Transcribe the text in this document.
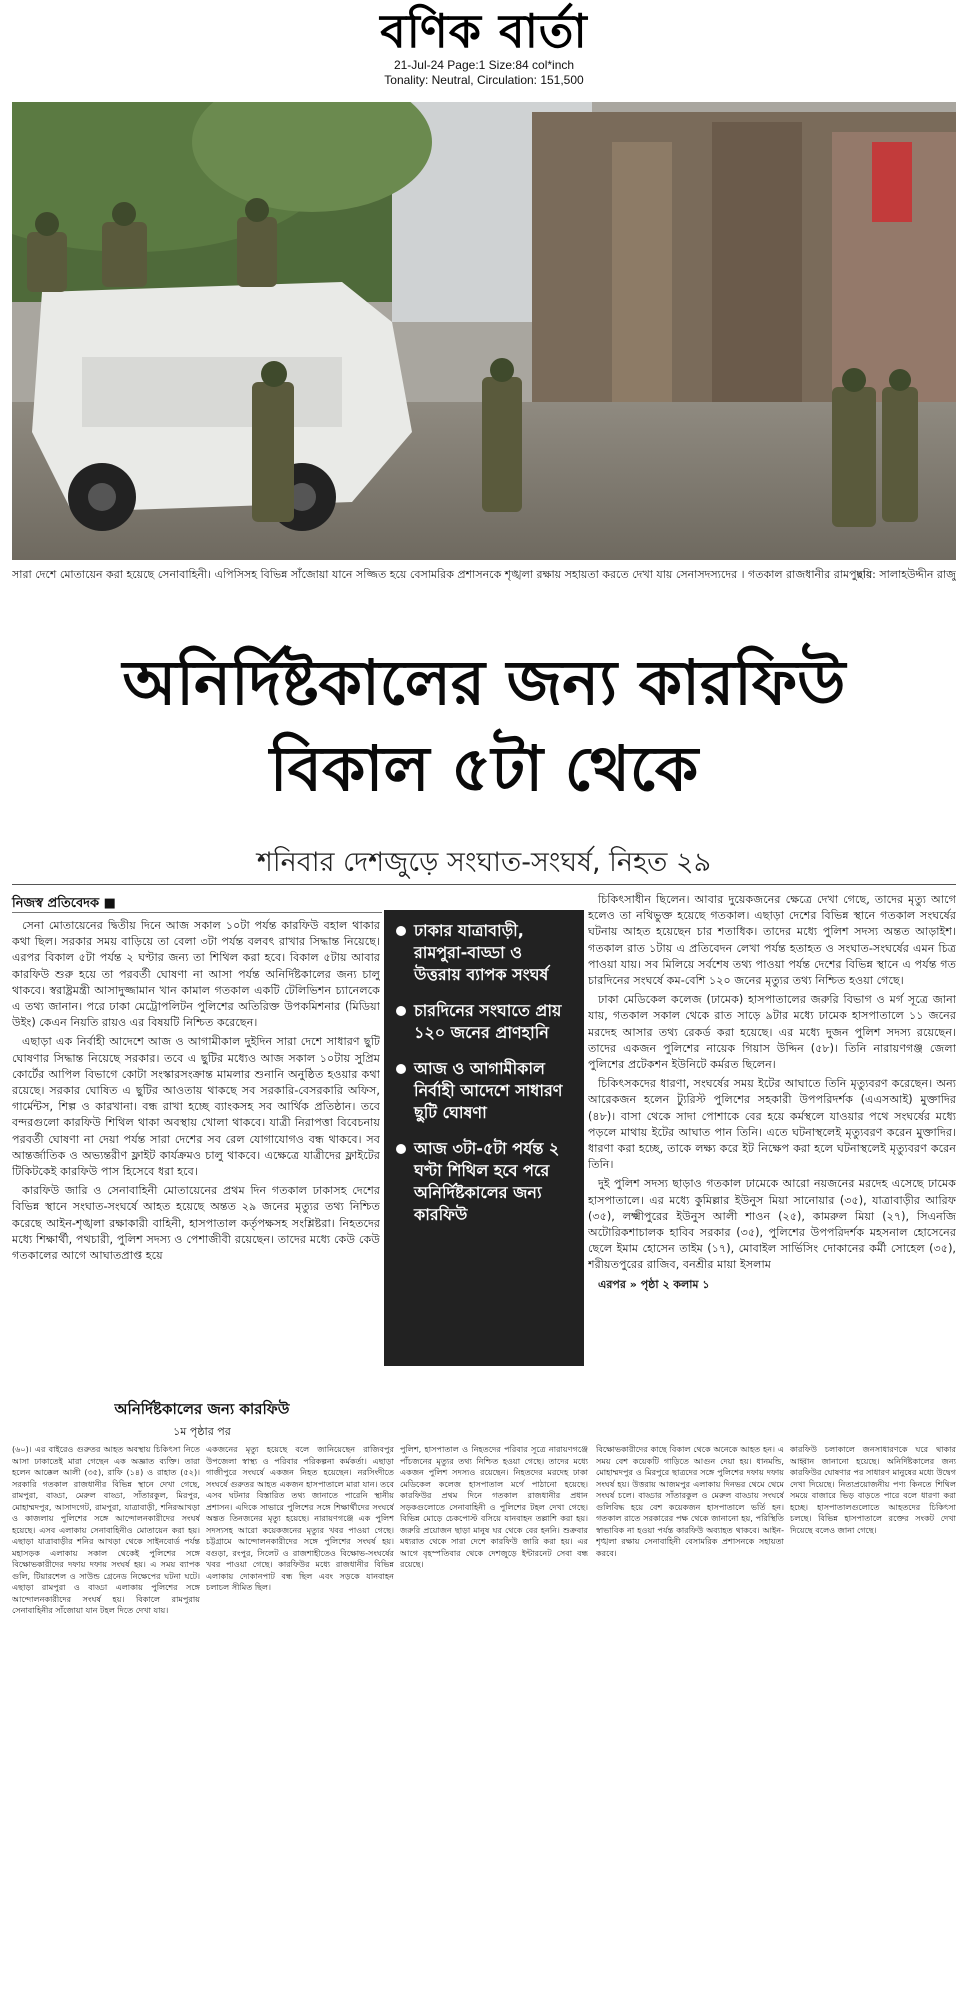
বণিক বার্তা
21-Jul-24 Page:1 Size:84 col*inch
Tonality: Neutral, Circulation: 151,500
ছবি: সালাহউদ্দীন রাজু
সারা দেশে মোতায়েন করা হয়েছে সেনাবাহিনী। এপিসিসহ বিভিন্ন সাঁজোয়া যানে সজ্জিত হয়ে বেসামরিক প্রশাসনকে শৃঙ্খলা রক্ষায় সহায়তা করতে দেখা যায় সেনাসদস্যদের । গতকাল রাজধানীর রামপুরায়
অনির্দিষ্টকালের জন্য কারফিউ
বিকাল ৫টা থেকে
শনিবার দেশজুড়ে সংঘাত-সংঘর্ষ, নিহত ২৯
নিজস্ব প্রতিবেদক ■

সেনা মোতায়েনের দ্বিতীয় দিনে আজ সকাল ১০টা পর্যন্ত কারফিউ বহাল থাকার কথা ছিল। সরকার সময় বাড়িয়ে তা বেলা ৩টা পর্যন্ত বলবৎ রাখার সিদ্ধান্ত নিয়েছে। এরপর বিকাল ৫টা পর্যন্ত ২ ঘণ্টার জন্য তা শিথিল করা হবে। বিকাল ৫টায় আবার কারফিউ শুরু হয়ে তা পরবর্তী ঘোষণা না আসা পর্যন্ত অনির্দিষ্টকালের জন্য চালু থাকবে। স্বরাষ্ট্রমন্ত্রী আসাদুজ্জামান খান কামাল গতকাল একটি টেলিভিশন চ্যানেলকে এ তথ্য জানান। পরে ঢাকা মেট্রোপলিটন পুলিশের অতিরিক্ত উপকমিশনার (মিডিয়া উইং) কেএন নিয়তি রায়ও এর বিষয়টি নিশ্চিত করেছেন।

এছাড়া এক নির্বাহী আদেশে আজ ও আগামীকাল দুইদিন সারা দেশে সাধারণ ছুটি ঘোষণার সিদ্ধান্ত নিয়েছে সরকার। তবে এ ছুটির মধ্যেও আজ সকাল ১০টায় সুপ্রিম কোর্টের আপিল বিভাগে কোটা সংস্কারসংক্রান্ত মামলার শুনানি অনুষ্ঠিত হওয়ার কথা রয়েছে। সরকার ঘোষিত এ ছুটির আওতায় থাকছে সব সরকারি-বেসরকারি অফিস, গার্মেন্টস, শিল্প ও কারখানা। বন্ধ রাখা হচ্ছে ব্যাংকসহ সব আর্থিক প্রতিষ্ঠান। তবে বন্দরগুলো কারফিউ শিথিল থাকা অবস্থায় খোলা থাকবে। যাত্রী নিরাপত্তা বিবেচনায় পরবর্তী ঘোষণা না দেয়া পর্যন্ত সারা দেশের সব রেল যোগাযোগও বন্ধ থাকবে। সব আন্তর্জাতিক ও অভ্যন্তরীণ ফ্লাইট কার্যক্রমও চালু থাকবে। এক্ষেত্রে যাত্রীদের ফ্লাইটের টিকিটকেই কারফিউ পাস হিসেবে ধরা হবে।

কারফিউ জারি ও সেনাবাহিনী মোতায়েনের প্রথম দিন গতকাল ঢাকাসহ দেশের বিভিন্ন স্থানে সংঘাত-সংঘর্ষে আহত হয়েছে অন্তত ২৯ জনের মৃত্যুর তথ্য নিশ্চিত করেছে আইন-শৃঙ্খলা রক্ষাকারী বাহিনী, হাসপাতাল কর্তৃপক্ষসহ সংশ্লিষ্টরা। নিহতদের মধ্যে শিক্ষার্থী, পথচারী, পুলিশ সদস্য ও পেশাজীবী রয়েছেন। তাদের মধ্যে কেউ কেউ গতকালের আগে আঘাতপ্রাপ্ত হয়ে

ঢাকার যাত্রাবাড়ী, রামপুরা-বাড্ডা ও উত্তরায় ব্যাপক সংঘর্ষ
চারদিনের সংঘাতে প্রায় ১২০ জনের প্রাণহানি
আজ ও আগামীকাল নির্বাহী আদেশে সাধারণ ছুটি ঘোষণা
আজ ৩টা-৫টা পর্যন্ত ২ ঘণ্টা শিথিল হবে পরে অনির্দিষ্টকালের জন্য কারফিউ

চিকিৎসাধীন ছিলেন। আবার দুয়েকজনের ক্ষেত্রে দেখা গেছে, তাদের মৃত্যু আগে হলেও তা নথিভুক্ত হয়েছে গতকাল। এছাড়া দেশের বিভিন্ন স্থানে গতকাল সংঘর্ষের ঘটনায় আহত হয়েছেন চার শতাধিক। তাদের মধ্যে পুলিশ সদস্য অন্তত আড়াইশ। গতকাল রাত ১টায় এ প্রতিবেদন লেখা পর্যন্ত হতাহত ও সংঘাত-সংঘর্ষের এমন চিত্র পাওয়া যায়। সব মিলিয়ে সর্বশেষ তথ্য পাওয়া পর্যন্ত দেশের বিভিন্ন স্থানে এ পর্যন্ত গত চারদিনের সংঘর্ষে কম-বেশি ১২০ জনের মৃত্যুর তথ্য নিশ্চিত হওয়া গেছে।

ঢাকা মেডিকেল কলেজ (ঢামেক) হাসপাতালের জরুরি বিভাগ ও মর্গ সূত্রে জানা যায়, গতকাল সকাল থেকে রাত সাড়ে ৯টার মধ্যে ঢামেক হাসপাতালে ১১ জনের মরদেহ আসার তথ্য রেকর্ড করা হয়েছে। এর মধ্যে দুজন পুলিশ সদস্য রয়েছেন। তাদের একজন পুলিশের নায়েক গিয়াস উদ্দিন (৫৮)। তিনি নারায়ণগঞ্জ জেলা পুলিশের প্রটেকশন ইউনিটে কর্মরত ছিলেন।

চিকিৎসকদের ধারণা, সংঘর্ষের সময় ইটের আঘাতে তিনি মৃত্যুবরণ করেছেন। অন্য আরেকজন হলেন ট্যুরিস্ট পুলিশের সহকারী উপপরিদর্শক (এএসআই) মুক্তাদির (৪৮)। বাসা থেকে সাদা পোশাকে বের হয়ে কর্মস্থলে যাওয়ার পথে সংঘর্ষের মধ্যে পড়লে মাথায় ইটের আঘাত পান তিনি। এতে ঘটনাস্থলেই মৃত্যুবরণ করেন মুক্তাদির। ধারণা করা হচ্ছে, তাকে লক্ষ্য করে ইট নিক্ষেপ করা হলে ঘটনাস্থলেই মৃত্যুবরণ করেন তিনি।

দুই পুলিশ সদস্য ছাড়াও গতকাল ঢামেকে আরো নয়জনের মরদেহ এসেছে ঢামেক হাসপাতালে। এর মধ্যে কুমিল্লার ইউনুস মিয়া সানোয়ার (৩৫), যাত্রাবাড়ীর আরিফ (৩৫), লক্ষ্মীপুরের ইউনুস আলী শাওন (২৫), কামরুল মিয়া (২৭), সিএনজি অটোরিকশাচালক হাবিব সরকার (৩৫), পুলিশের উপপরিদর্শক মহসনাল হোসেনের ছেলে ইমাম হোসেন তাইম (১৭), মোবাইল সার্ভিসিং দোকানের কর্মী সোহেল (৩৫), শরীয়তপুরের রাজিব, বনশ্রীর মায়া ইসলাম

এরপর » পৃষ্ঠা ২ কলাম ১

অনির্দিষ্টকালের জন্য কারফিউ
১ম পৃষ্ঠার পর

(৬০)। এর বাইরেও গুরুতর আহত অবস্থায় চিকিৎসা নিতে আসা ঢাকাতেই মারা গেছেন এক অজ্ঞাত ব্যক্তি। তারা হলেন আক্কেল আলী (৩৫), রাফি (১৪) ও রাহাত (৫২)। সরকারি গতকাল রাজধানীর বিভিন্ন স্থানে দেখা গেছে, রামপুরা, বাড্ডা, মেরুল বাড্ডা, সাঁতারকুল, মিরপুর, মোহাম্মদপুর, আসাদগেট, রামপুরা, যাত্রাবাড়ী, শনিরআখড়া ও কাজলায় পুলিশের সঙ্গে আন্দোলনকারীদের সংঘর্ষ হয়েছে। এসব এলাকায় সেনাবাহিনীও মোতায়েন করা হয়। এছাড়া যাত্রাবাড়ীর শনির আখড়া থেকে সাইনবোর্ড পর্যন্ত মহাসড়ক এলাকায় সকাল থেকেই পুলিশের সঙ্গে বিক্ষোভকারীদের দফায় দফায় সংঘর্ষ হয়। এ সময় ব্যাপক গুলি, টিয়ারশেল ও সাউন্ড গ্রেনেড নিক্ষেপের ঘটনা ঘটে। এছাড়া রামপুরা ও বাড্ডা এলাকায় পুলিশের সঙ্গে আন্দোলনকারীদের সংঘর্ষ হয়। বিকালে রামপুরায় সেনাবাহিনীর সাঁজোয়া যান টহল দিতে দেখা যায়।

একজনের মৃত্যু হয়েছে বলে জানিয়েছেন রাজিবপুর উপজেলা স্বাস্থ্য ও পরিবার পরিকল্পনা কর্মকর্তা। এছাড়া গাজীপুরে সংঘর্ষে একজন নিহত হয়েছেন। নরসিংদীতে সংঘর্ষে গুরুতর আহত একজন হাসপাতালে মারা যান। তবে এসব ঘটনার বিস্তারিত তথ্য জানাতে পারেনি স্থানীয় প্রশাসন। এদিকে সাভারে পুলিশের সঙ্গে শিক্ষার্থীদের সংঘর্ষে অন্তত তিনজনের মৃত্যু হয়েছে। নারায়ণগঞ্জে এক পুলিশ সদস্যসহ আরো কয়েকজনের মৃত্যুর খবর পাওয়া গেছে। চট্টগ্রামে আন্দোলনকারীদের সঙ্গে পুলিশের সংঘর্ষ হয়। বগুড়া, রংপুর, সিলেট ও রাজশাহীতেও বিক্ষোভ-সংঘর্ষের খবর পাওয়া গেছে। কারফিউর মধ্যে রাজধানীর বিভিন্ন এলাকায় দোকানপাট বন্ধ ছিল এবং সড়কে যানবাহন চলাচল সীমিত ছিল।

পুলিশ, হাসপাতাল ও নিহতদের পরিবার সূত্রে নারায়ণগঞ্জে পাঁচজনের মৃত্যুর তথ্য নিশ্চিত হওয়া গেছে। তাদের মধ্যে একজন পুলিশ সদস্যও রয়েছেন। নিহতদের মরদেহ ঢাকা মেডিকেল কলেজ হাসপাতাল মর্গে পাঠানো হয়েছে। কারফিউর প্রথম দিনে গতকাল রাজধানীর প্রধান সড়কগুলোতে সেনাবাহিনী ও পুলিশের টহল দেখা গেছে। বিভিন্ন মোড়ে চেকপোস্ট বসিয়ে যানবাহন তল্লাশি করা হয়। জরুরি প্রয়োজন ছাড়া মানুষ ঘর থেকে বের হননি। শুক্রবার মধ্যরাত থেকে সারা দেশে কারফিউ জারি করা হয়। এর আগে বৃহস্পতিবার থেকে দেশজুড়ে ইন্টারনেট সেবা বন্ধ রয়েছে।

বিক্ষোভকারীদের কাছে বিকাল থেকে অনেকে আহত হন। এ সময় বেশ কয়েকটি গাড়িতে আগুন দেয়া হয়। ধানমন্ডি, মোহাম্মদপুর ও মিরপুরে ছাত্রদের সঙ্গে পুলিশের দফায় দফায় সংঘর্ষ হয়। উত্তরায় আজমপুর এলাকায় দিনভর থেমে থেমে সংঘর্ষ চলে। বাড্ডার সাঁতারকুল ও মেরুল বাড্ডায় সংঘর্ষে গুলিবিদ্ধ হয়ে বেশ কয়েকজন হাসপাতালে ভর্তি হন। গতকাল রাতে সরকারের পক্ষ থেকে জানানো হয়, পরিস্থিতি স্বাভাবিক না হওয়া পর্যন্ত কারফিউ অব্যাহত থাকবে। আইন-শৃঙ্খলা রক্ষায় সেনাবাহিনী বেসামরিক প্রশাসনকে সহায়তা করবে।

কারফিউ চলাকালে জনসাধারণকে ঘরে থাকার আহ্বান জানানো হয়েছে। অনির্দিষ্টকালের জন্য কারফিউর ঘোষণার পর সাধারণ মানুষের মধ্যে উদ্বেগ দেখা দিয়েছে। নিত্যপ্রয়োজনীয় পণ্য কিনতে শিথিল সময়ে বাজারে ভিড় বাড়তে পারে বলে ধারণা করা হচ্ছে। হাসপাতালগুলোতে আহতদের চিকিৎসা চলছে। বিভিন্ন হাসপাতালে রক্তের সংকট দেখা দিয়েছে বলেও জানা গেছে।
